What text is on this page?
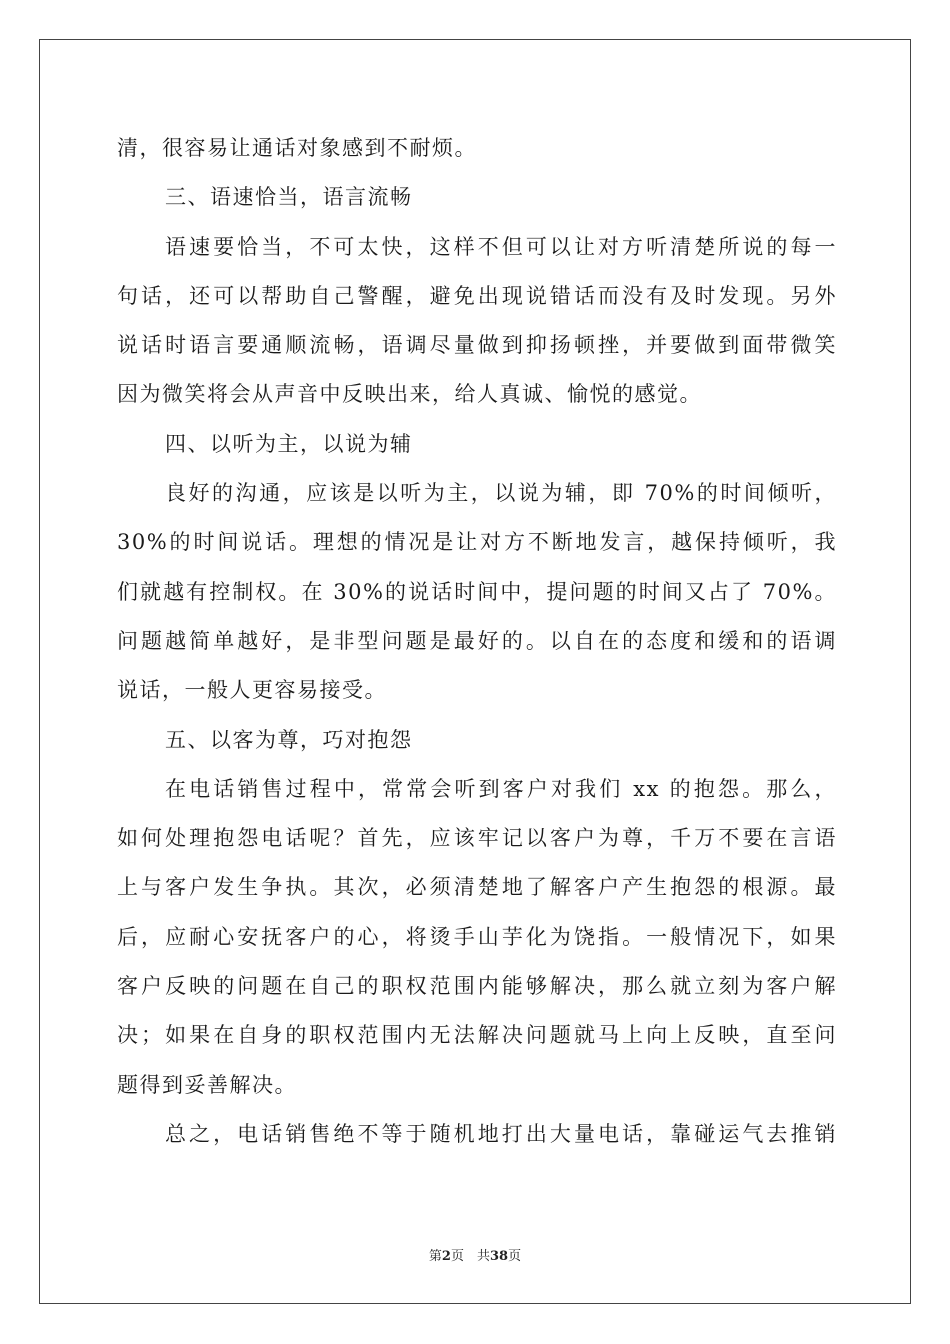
清，很容易让通话对象感到不耐烦。
三、语速恰当，语言流畅
语速要恰当，不可太快，这样不但可以让对方听清楚所说的每一
句话，还可以帮助自己警醒，避免出现说错话而没有及时发现。另外
说话时语言要通顺流畅，语调尽量做到抑扬顿挫，并要做到面带微笑
因为微笑将会从声音中反映出来，给人真诚、愉悦的感觉。
四、以听为主，以说为辅
良好的沟通，应该是以听为主，以说为辅，即 70%的时间倾听，
30%的时间说话。理想的情况是让对方不断地发言，越保持倾听，我
们就越有控制权。在 30%的说话时间中，提问题的时间又占了 70%。
问题越简单越好，是非型问题是最好的。以自在的态度和缓和的语调
说话，一般人更容易接受。
五、以客为尊，巧对抱怨
在电话销售过程中，常常会听到客户对我们 xx 的抱怨。那么，
如何处理抱怨电话呢？首先，应该牢记以客户为尊，千万不要在言语
上与客户发生争执。其次，必须清楚地了解客户产生抱怨的根源。最
后，应耐心安抚客户的心，将烫手山芋化为饶指。一般情况下，如果
客户反映的问题在自己的职权范围内能够解决，那么就立刻为客户解
决；如果在自身的职权范围内无法解决问题就马上向上反映，直至问
题得到妥善解决。
总之，电话销售绝不等于随机地打出大量电话，靠碰运气去推销
第2页　共38页
